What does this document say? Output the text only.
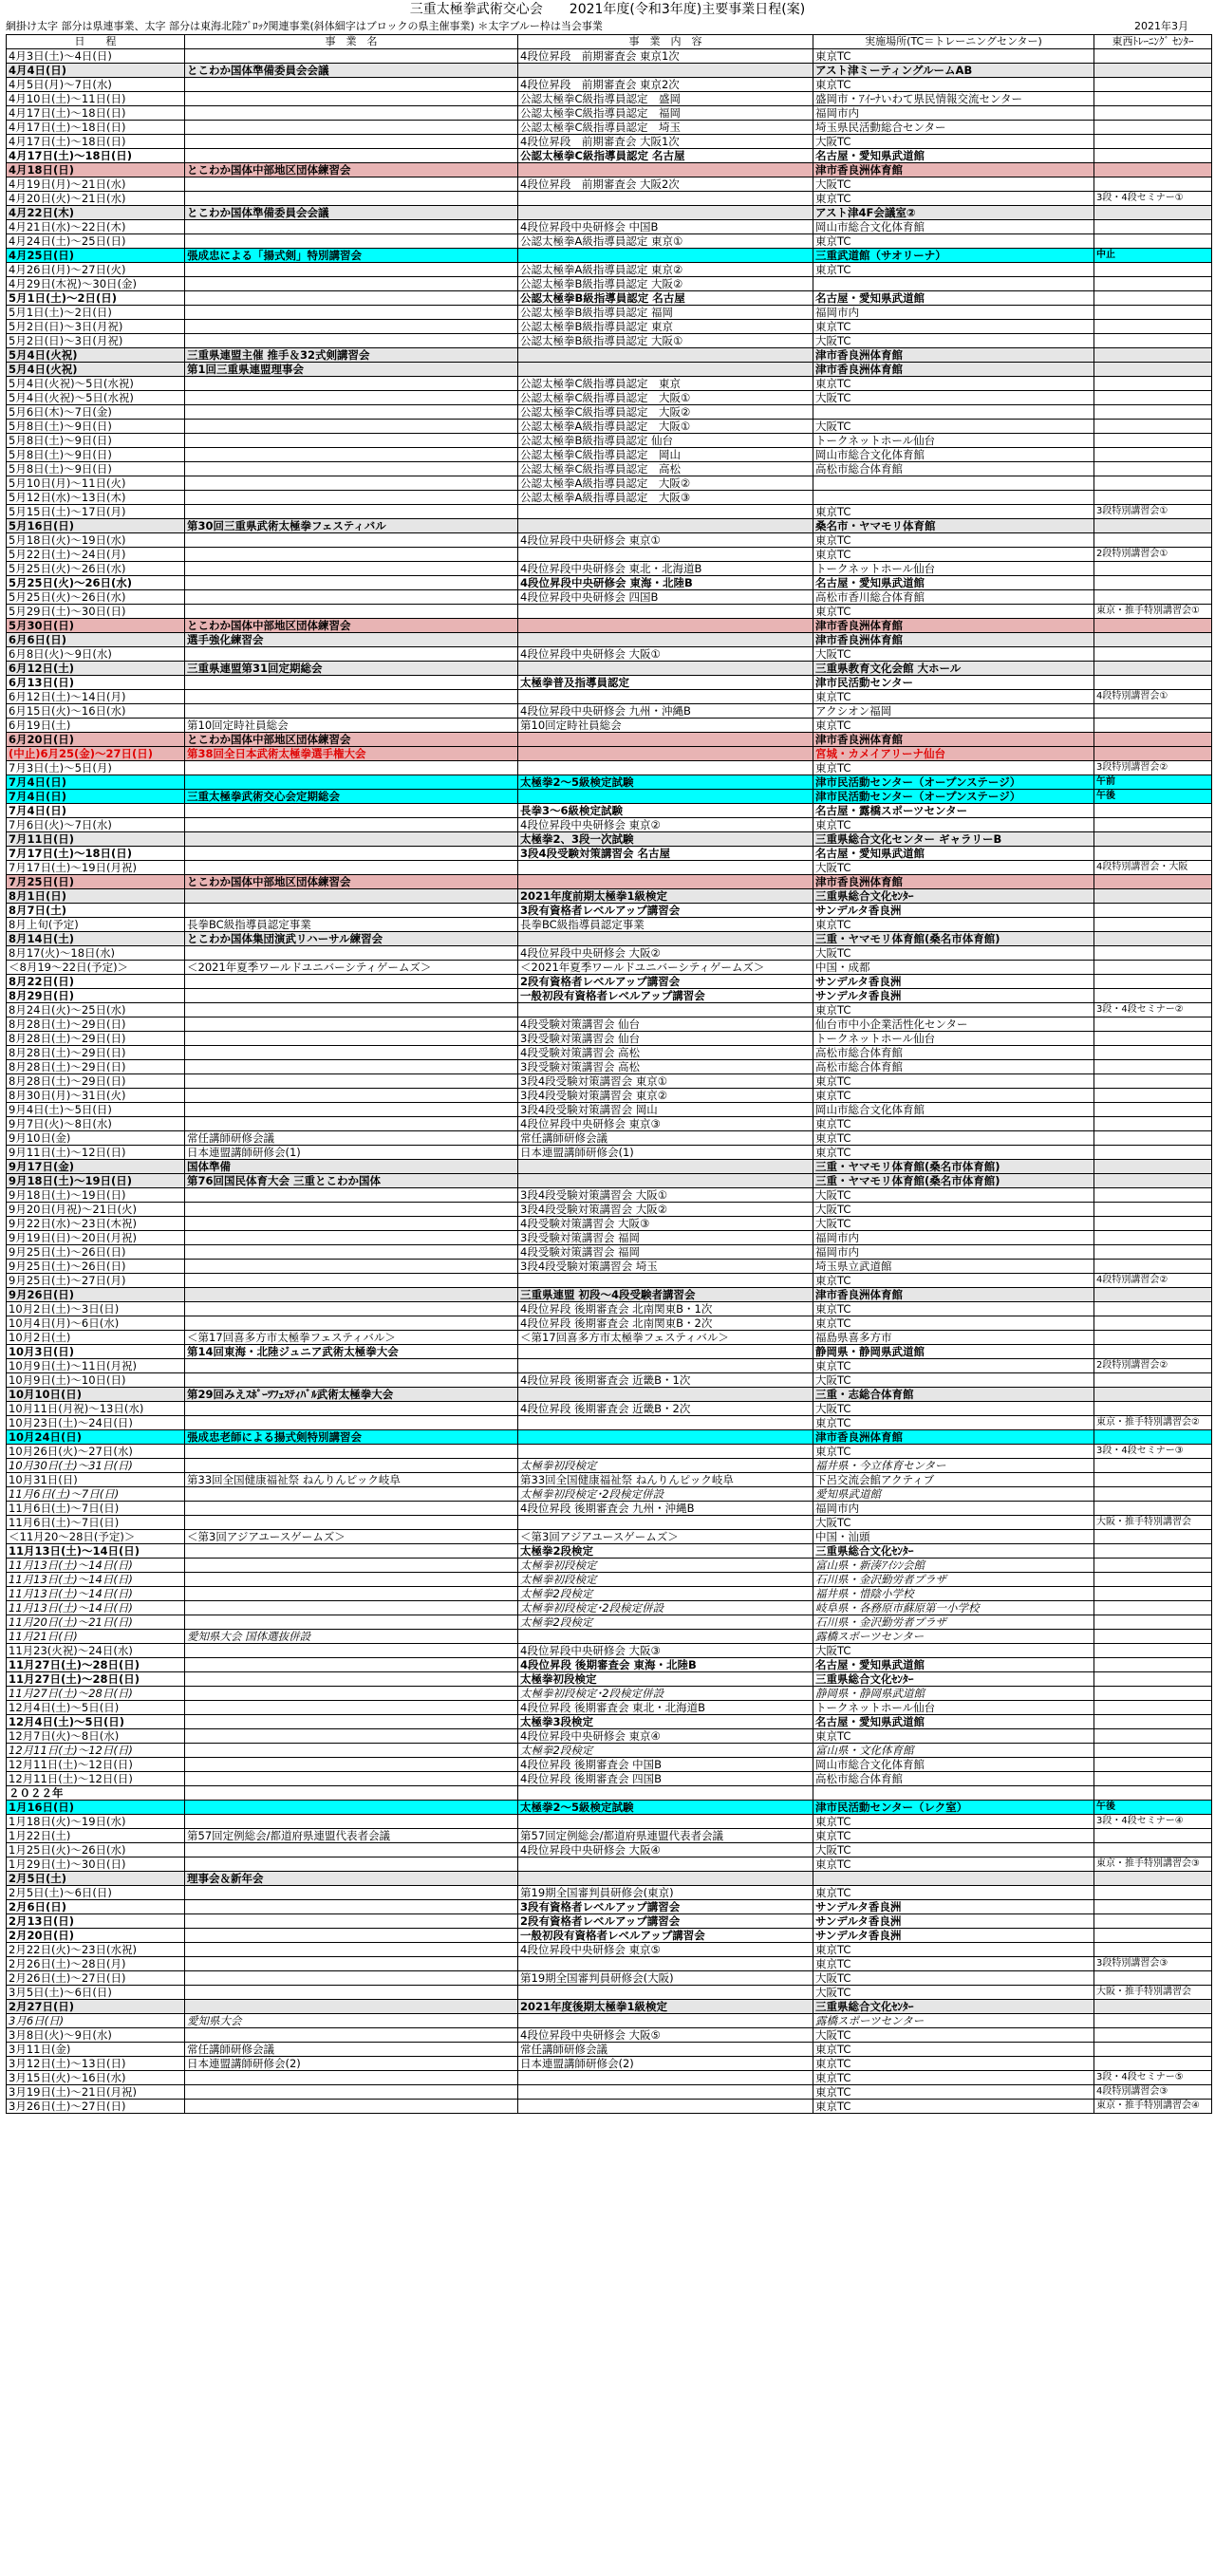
三重太極拳武術交心会　　2021年度(令和3年度)主要事業日程(案)
網掛け太字 部分は県連事業、太字 部分は東海北陸ﾌﾞﾛｯｸ関連事業(斜体細字はブロックの県主催事業) ＊太字ブルー枠は当会事業	2021年3月
日　　程	事　業　名	事　業　内　容	実施場所(TC＝トレーニングセンター)	東西ﾄﾚｰﾆﾝｸﾞ ｾﾝﾀｰ
4月3日(土)～4日(日)		4段位昇段　前期審査会 東京1次	東京TC	
4月4日(日)	とこわか国体準備委員会会議		アスト津ミーティングルームAB	
4月5日(月)～7日(水)		4段位昇段　前期審査会 東京2次	東京TC	
4月10日(土)～11日(日)		公認太極拳C級指導員認定　盛岡	盛岡市・ｱｲｰﾅいわて県民情報交流センター	
4月17日(土)～18日(日)		公認太極拳C級指導員認定　福岡	福岡市内	
4月17日(土)～18日(日)		公認太極拳C級指導員認定　埼玉	埼玉県民活動総合センター	
4月17日(土)～18日(日)		4段位昇段　前期審査会 大阪1次	大阪TC	
4月17日(土)～18日(日)		公認太極拳C級指導員認定 名古屋	名古屋・愛知県武道館	
4月18日(日)	とこわか国体中部地区団体練習会		津市香良洲体育館	
4月19日(月)～21日(水)		4段位昇段　前期審査会 大阪2次	大阪TC	
4月20日(火)～21日(水)			東京TC	3段・4段セミナー①
4月22日(木)	とこわか国体準備委員会会議		アスト津4F会議室②	
4月21日(水)～22日(木)		4段位昇段中央研修会 中国B	岡山市総合文化体育館	
4月24日(土)～25日(日)		公認太極拳A級指導員認定 東京①	東京TC	
4月25日(日)	張成忠による「揚式剣」特別講習会		三重武道館（サオリーナ）	中止
4月26日(月)～27日(火)		公認太極拳A級指導員認定 東京②	東京TC	
4月29日(木祝)～30日(金)		公認太極拳B級指導員認定 大阪②		
5月1日(土)～2日(日)		公認太極拳B級指導員認定 名古屋	名古屋・愛知県武道館	
5月1日(土)～2日(日)		公認太極拳B級指導員認定 福岡	福岡市内	
5月2日(日)～3日(月祝)		公認太極拳B級指導員認定 東京	東京TC	
5月2日(日)～3日(月祝)		公認太極拳B級指導員認定 大阪①	大阪TC	
5月4日(火祝)	三重県連盟主催 推手＆32式剣講習会		津市香良洲体育館	
5月4日(火祝)	第1回三重県連盟理事会		津市香良洲体育館	
5月4日(火祝)～5日(水祝)		公認太極拳C級指導員認定　東京	東京TC	
5月4日(火祝)～5日(水祝)		公認太極拳C級指導員認定　大阪①	大阪TC	
5月6日(木)～7日(金)		公認太極拳C級指導員認定　大阪②		
5月8日(土)～9日(日)		公認太極拳A級指導員認定　大阪①	大阪TC	
5月8日(土)～9日(日)		公認太極拳B級指導員認定 仙台	トークネットホール仙台	
5月8日(土)～9日(日)		公認太極拳C級指導員認定　岡山	岡山市総合文化体育館	
5月8日(土)～9日(日)		公認太極拳C級指導員認定　高松	高松市総合体育館	
5月10日(月)～11日(火)		公認太極拳A級指導員認定　大阪②		
5月12日(水)～13日(木)		公認太極拳A級指導員認定　大阪③		
5月15日(土)～17日(月)			東京TC	3段特別講習会①
5月16日(日)	第30回三重県武術太極拳フェスティバル		桑名市・ヤマモリ体育館	
5月18日(火)～19日(水)		4段位昇段中央研修会 東京①	東京TC	
5月22日(土)～24日(月)			東京TC	2段特別講習会①
5月25日(火)～26日(水)		4段位昇段中央研修会 東北・北海道B	トークネットホール仙台	
5月25日(火)～26日(水)		4段位昇段中央研修会 東海・北陸B	名古屋・愛知県武道館	
5月25日(火)～26日(水)		4段位昇段中央研修会 四国B	高松市香川総合体育館	
5月29日(土)～30日(日)			東京TC	東京・推手特別講習会①
5月30日(日)	とこわか国体中部地区団体練習会		津市香良洲体育館	
6月6日(日)	選手強化練習会		津市香良洲体育館	
6月8日(火)～9日(水)		4段位昇段中央研修会 大阪①	大阪TC	
6月12日(土)	三重県連盟第31回定期総会		三重県教育文化会館 大ホール	
6月13日(日)		太極拳普及指導員認定	津市民活動センター	
6月12日(土)～14日(月)			東京TC	4段特別講習会①
6月15日(火)～16日(水)		4段位昇段中央研修会 九州・沖縄B	アクシオン福岡	
6月19日(土)	第10回定時社員総会	第10回定時社員総会	東京TC	
6月20日(日)	とこわか国体中部地区団体練習会		津市香良洲体育館	
(中止)6月25(金)～27日(日)	第38回全日本武術太極拳選手権大会		宮城・カメイアリーナ仙台	
7月3日(土)～5日(月)			東京TC	3段特別講習会②
7月4日(日)		太極拳2～5級検定試験	津市民活動センター（オープンステージ）	午前
7月4日(日)	三重太極拳武術交心会定期総会		津市民活動センター（オープンステージ）	午後
7月4日(日)		長拳3～6級検定試験	名古屋・露橋スポーツセンター	
7月6日(火)～7日(水)		4段位昇段中央研修会 東京②	東京TC	
7月11日(日)		太極拳2、3段一次試験	三重県総合文化センター ギャラリーB	
7月17日(土)～18日(日)		3段4段受験対策講習会 名古屋	名古屋・愛知県武道館	
7月17日(土)～19日(月祝)			大阪TC	4段特別講習会・大阪
7月25日(日)	とこわか国体中部地区団体練習会		津市香良洲体育館	
8月1日(日)		2021年度前期太極拳1級検定	三重県総合文化ｾﾝﾀｰ	
8月7日(土)		3段有資格者レベルアップ講習会	サンデルタ香良洲	
8月上旬(予定)	長拳BC級指導員認定事業	長拳BC級指導員認定事業	東京TC	
8月14日(土)	とこわか国体集団演武リハーサル練習会		三重・ヤマモリ体育館(桑名市体育館)	
8月17(火)～18日(水)		4段位昇段中央研修会 大阪②	大阪TC	
＜8月19～22日(予定)＞	＜2021年夏季ワールドユニバーシティゲームズ＞	＜2021年夏季ワールドユニバーシティゲームズ＞	中国・成都	
8月22日(日)		2段有資格者レベルアップ講習会	サンデルタ香良洲	
8月29日(日)		一般初段有資格者レベルアップ講習会	サンデルタ香良洲	
8月24日(火)～25日(水)			東京TC	3段・4段セミナー②
8月28日(土)～29日(日)		4段受験対策講習会 仙台	仙台市中小企業活性化センター	
8月28日(土)～29日(日)		3段受験対策講習会 仙台	トークネットホール仙台	
8月28日(土)～29日(日)		4段受験対策講習会 高松	高松市総合体育館	
8月28日(土)～29日(日)		3段受験対策講習会 高松	高松市総合体育館	
8月28日(土)～29日(日)		3段4段受験対策講習会 東京①	東京TC	
8月30日(月)～31日(火)		3段4段受験対策講習会 東京②	東京TC	
9月4日(土)～5日(日)		3段4段受験対策講習会 岡山	岡山市総合文化体育館	
9月7日(火)～8日(水)		4段位昇段中央研修会 東京③	東京TC	
9月10日(金)	常任講師研修会議	常任講師研修会議	東京TC	
9月11日(土)～12日(日)	日本連盟講師研修会(1)	日本連盟講師研修会(1)	東京TC	
9月17日(金)	国体準備		三重・ヤマモリ体育館(桑名市体育館)	
9月18日(土)～19日(日)	第76回国民体育大会 三重とこわか国体		三重・ヤマモリ体育館(桑名市体育館)	
9月18日(土)～19日(日)		3段4段受験対策講習会 大阪①	大阪TC	
9月20日(月祝)～21日(火)		3段4段受験対策講習会 大阪②	大阪TC	
9月22日(水)～23日(木祝)		4段受験対策講習会 大阪③	大阪TC	
9月19日(日)～20日(月祝)		3段受験対策講習会 福岡	福岡市内	
9月25日(土)～26日(日)		4段受験対策講習会 福岡	福岡市内	
9月25日(土)～26日(日)		3段4段受験対策講習会 埼玉	埼玉県立武道館	
9月25日(土)～27日(月)			東京TC	4段特別講習会②
9月26日(日)		三重県連盟 初段～4段受験者講習会	津市香良洲体育館	
10月2日(土)～3日(日)		4段位昇段 後期審査会 北南関東B・1次	東京TC	
10月4日(月)～6日(水)		4段位昇段 後期審査会 北南関東B・2次	東京TC	
10月2日(土)	＜第17回喜多方市太極拳フェスティバル＞	＜第17回喜多方市太極拳フェスティバル＞	福島県喜多方市	
10月3日(日)	第14回東海・北陸ジュニア武術太極拳大会		静岡県・静岡県武道館	
10月9日(土)～11日(月祝)			東京TC	2段特別講習会②
10月9日(土)～10日(日)		4段位昇段 後期審査会 近畿B・1次	大阪TC	
10月10日(日)	第29回みえｽﾎﾟｰﾂﾌｪｽﾃｨﾊﾞﾙ武術太極拳大会		三重・志総合体育館	
10月11日(月祝)～13日(水)		4段位昇段 後期審査会 近畿B・2次	大阪TC	
10月23日(土)～24日(日)			東京TC	東京・推手特別講習会②
10月24日(日)	張成忠老師による揚式剣特別講習会		津市香良洲体育館	
10月26日(火)～27日(水)			東京TC	3段・4段セミナー③
10月30日(土)～31日(日)		太極拳初段検定	福井県・今立体育センター	
10月31日(日)	第33回全国健康福祉祭 ねんりんピック岐阜	第33回全国健康福祉祭 ねんりんピック岐阜	下呂交流会館アクティブ	
11月6日(土)～7日(日)		太極拳初段検定･2段検定併設	愛知県武道館	
11月6日(土)～7日(日)		4段位昇段 後期審査会 九州・沖縄B	福岡市内	
11月6日(土)～7日(日)			大阪TC	大阪・推手特別講習会
＜11月20～28日(予定)＞	＜第3回アジアユースゲームズ＞	＜第3回アジアユースゲームズ＞	中国・汕頭	
11月13日(土)～14日(日)		太極拳2段検定	三重県総合文化ｾﾝﾀｰ	
11月13日(土)～14日(日)		太極拳初段検定	富山県・新湊ｱｲｼﾝ会館	
11月13日(土)～14日(日)		太極拳初段検定	石川県・金沢勤労者プラザ	
11月13日(土)～14日(日)		太極拳2段検定	福井県・惜陰小学校	
11月13日(土)～14日(日)		太極拳初段検定･2段検定併設	岐阜県・各務原市蘇原第一小学校	
11月20日(土)～21日(日)		太極拳2段検定	石川県・金沢勤労者プラザ	
11月21日(日)	愛知県大会 国体選抜併設		露橋スポーツセンター	
11月23(火祝)～24日(水)		4段位昇段中央研修会 大阪③	大阪TC	
11月27日(土)～28日(日)		4段位昇段 後期審査会 東海・北陸B	名古屋・愛知県武道館	
11月27日(土)～28日(日)		太極拳初段検定	三重県総合文化ｾﾝﾀｰ	
11月27日(土)～28日(日)		太極拳初段検定･2段検定併設	静岡県・静岡県武道館	
12月4日(土)～5日(日)		4段位昇段 後期審査会 東北・北海道B	トークネットホール仙台	
12月4日(土)～5日(日)		太極拳3段検定	名古屋・愛知県武道館	
12月7日(火)～8日(水)		4段位昇段中央研修会 東京④	東京TC	
12月11日(土)～12日(日)		太極拳2段検定	富山県・文化体育館	
12月11日(土)～12日(日)		4段位昇段 後期審査会 中国B	岡山市総合文化体育館	
12月11日(土)～12日(日)		4段位昇段 後期審査会 四国B	高松市総合体育館	
２０２２年				
1月16日(日)		太極拳2～5級検定試験	津市民活動センター（レク室）	午後
1月18日(火)～19日(水)			東京TC	3段・4段セミナー④
1月22日(土)	第57回定例総会/都道府県連盟代表者会議	第57回定例総会/都道府県連盟代表者会議	東京TC	
1月25日(火)～26日(水)		4段位昇段中央研修会 大阪④	大阪TC	
1月29日(土)～30日(日)			東京TC	東京・推手特別講習会③
2月5日(土)	理事会＆新年会			
2月5日(土)～6日(日)		第19期全国審判員研修会(東京)	東京TC	
2月6日(日)		3段有資格者レベルアップ講習会	サンデルタ香良洲	
2月13日(日)		2段有資格者レベルアップ講習会	サンデルタ香良洲	
2月20日(日)		一般初段有資格者レベルアップ講習会	サンデルタ香良洲	
2月22日(火)～23日(水祝)		4段位昇段中央研修会 東京⑤	東京TC	
2月26日(土)～28日(月)			東京TC	3段特別講習会③
2月26日(土)～27日(日)		第19期全国審判員研修会(大阪)	大阪TC	
3月5日(土)～6日(日)			大阪TC	大阪・推手特別講習会
2月27日(日)		2021年度後期太極拳1級検定	三重県総合文化ｾﾝﾀｰ	
3月6日(日)	愛知県大会		露橋スポーツセンター	
3月8日(火)～9日(水)		4段位昇段中央研修会 大阪⑤	大阪TC	
3月11日(金)	常任講師研修会議	常任講師研修会議	東京TC	
3月12日(土)～13日(日)	日本連盟講師研修会(2)	日本連盟講師研修会(2)	東京TC	
3月15日(火)～16日(水)			東京TC	3段・4段セミナー⑤
3月19日(土)～21日(月祝)			東京TC	4段特別講習会③
3月26日(土)～27日(日)			東京TC	東京・推手特別講習会④
